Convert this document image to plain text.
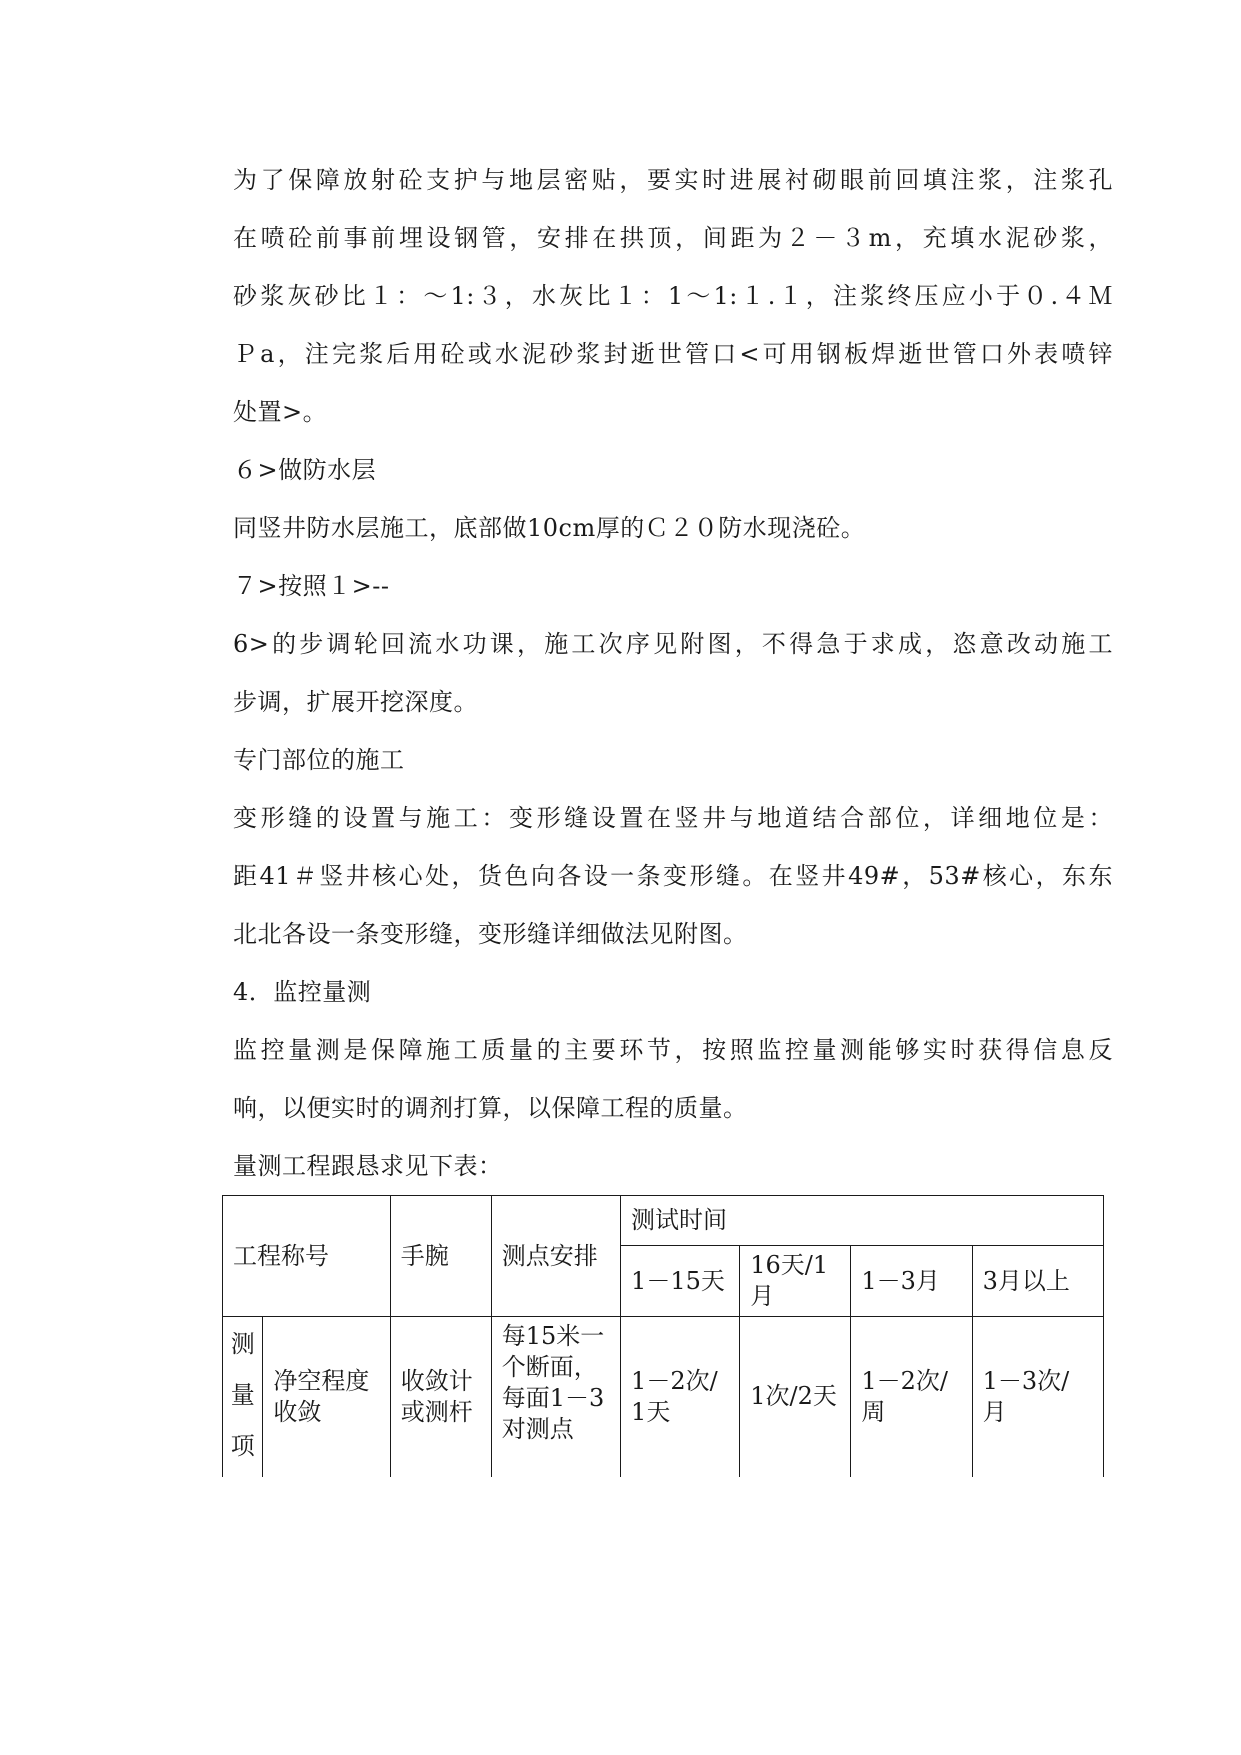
为了保障放射砼支护与地层密贴，要实时进展衬砌眼前回填注浆，注浆孔
在喷砼前事前埋设钢管，安排在拱顶，间距为２－３m，充填水泥砂浆，
砂浆灰砂比１：～1:３，水灰比１：1～1:１.１，注浆终压应小于０.４Ｍ
Ｐa，注完浆后用砼或水泥砂浆封逝世管口<可用钢板焊逝世管口外表喷锌
处置>。
６>做防水层
同竖井防水层施工，底部做10cm厚的Ｃ２０防水现浇砼。
７>按照１>--
6>的步调轮回流水功课，施工次序见附图，不得急于求成，恣意改动施工
步调，扩展开挖深度。
专门部位的施工
变形缝的设置与施工：变形缝设置在竖井与地道结合部位，详细地位是：
距41＃竖井核心处，货色向各设一条变形缝。在竖井49#，53#核心，东东
北北各设一条变形缝，变形缝详细做法见附图。
4．监控量测
监控量测是保障施工质量的主要环节，按照监控量测能够实时获得信息反
响，以便实时的调剂打算，以保障工程的质量。
量测工程跟恳求见下表：
工程称号		手腕	测点安排	测试时间			
				1－15天	16天/1月	1－3月	3月以上

测
量
项	净空程度收敛	收敛计或测杆	每15米一个断面，每面1－3对测点	1－2次/1天	1次/2天	1－2次/周	1－3次/月
